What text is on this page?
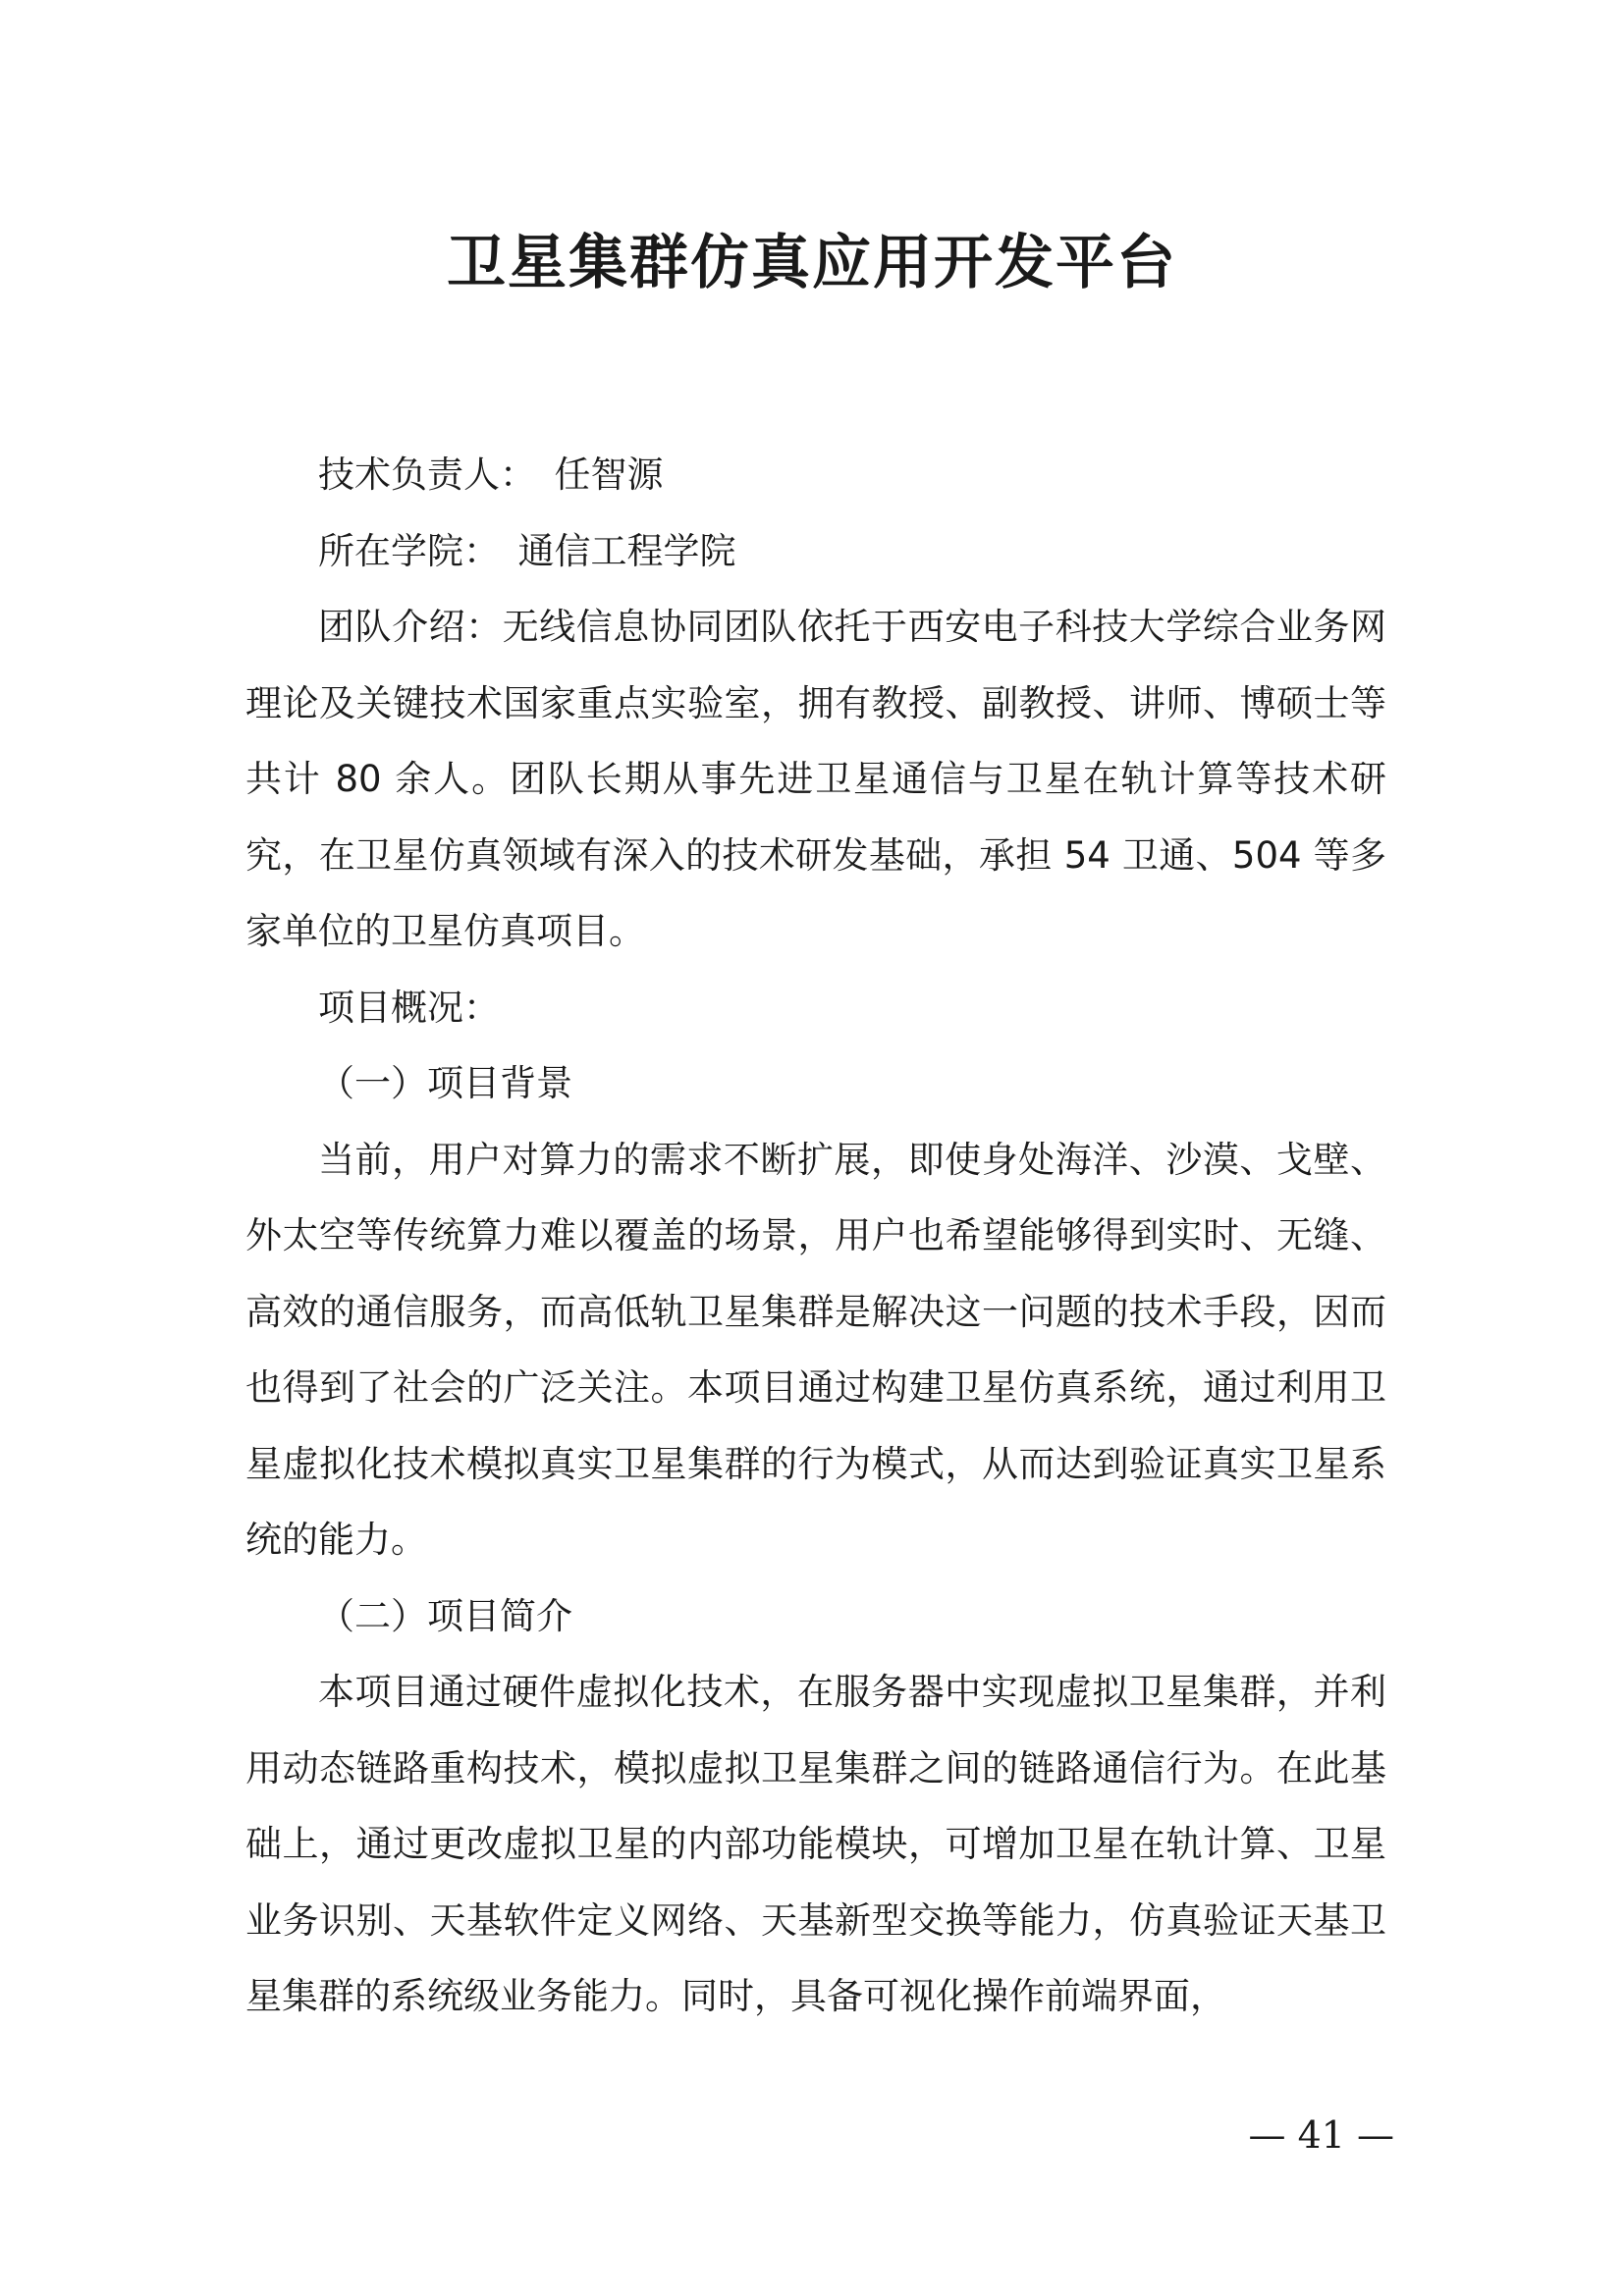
卫星集群仿真应用开发平台

技术负责人：　任智源

所在学院：　通信工程学院

团队介绍：无线信息协同团队依托于西安电子科技大学综合业务网理论及关键技术国家重点实验室，拥有教授、副教授、讲师、博硕士等共计 80 余人。团队长期从事先进卫星通信与卫星在轨计算等技术研究，在卫星仿真领域有深入的技术研发基础，承担 54 卫通、504 等多家单位的卫星仿真项目。

项目概况：

（一）项目背景

当前，用户对算力的需求不断扩展，即使身处海洋、沙漠、戈壁、外太空等传统算力难以覆盖的场景，用户也希望能够得到实时、无缝、高效的通信服务，而高低轨卫星集群是解决这一问题的技术手段，因而也得到了社会的广泛关注。本项目通过构建卫星仿真系统，通过利用卫星虚拟化技术模拟真实卫星集群的行为模式，从而达到验证真实卫星系统的能力。

（二）项目简介

本项目通过硬件虚拟化技术，在服务器中实现虚拟卫星集群，并利用动态链路重构技术，模拟虚拟卫星集群之间的链路通信行为。在此基础上，通过更改虚拟卫星的内部功能模块，可增加卫星在轨计算、卫星业务识别、天基软件定义网络、天基新型交换等能力，仿真验证天基卫星集群的系统级业务能力。同时，具备可视化操作前端界面，

— 41 —
